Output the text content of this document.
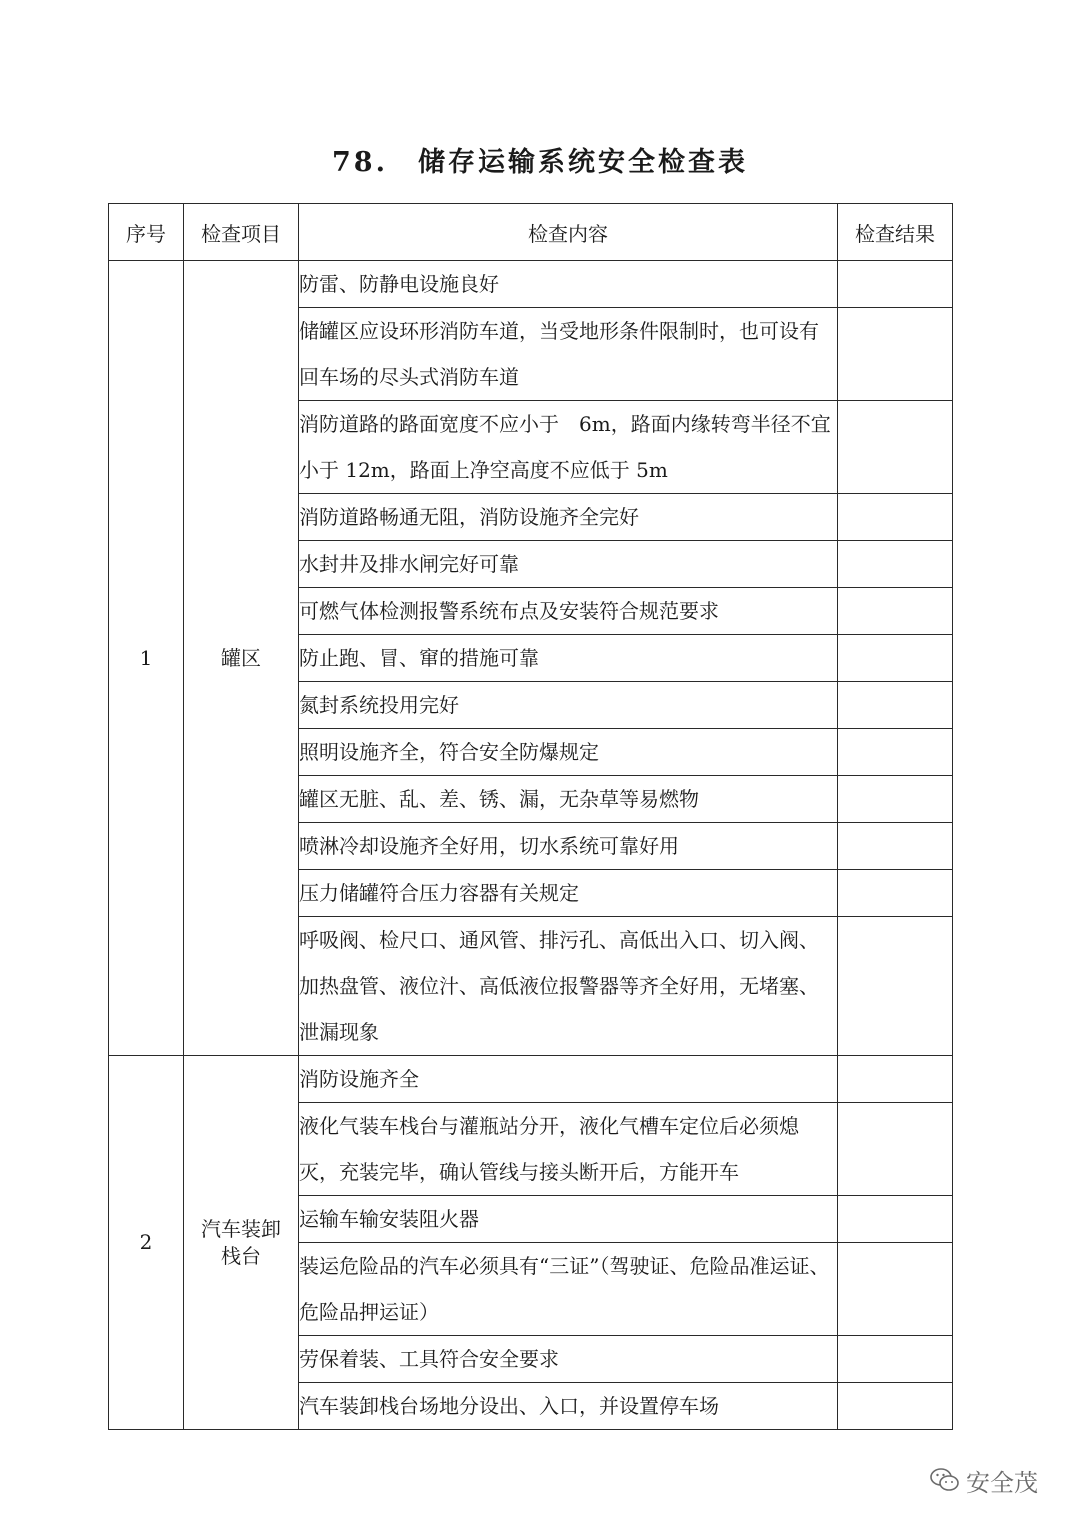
78. 储存运输系统安全检查表
序号	检查项目	检查内容	检查结果
1	罐区	防雷、防静电设施良好	
		储罐区应设环形消防车道，当受地形条件限制时，也可设有回车场的尽头式消防车道	
		消防道路的路面宽度不应小于　6m，路面内缘转弯半径不宜小于 12m，路面上净空高度不应低于 5m	
		消防道路畅通无阻，消防设施齐全完好	
		水封井及排水闸完好可靠	
		可燃气体检测报警系统布点及安装符合规范要求	
		防止跑、冒、窜的措施可靠	
		氮封系统投用完好	
		照明设施齐全，符合安全防爆规定	
		罐区无脏、乱、差、锈、漏，无杂草等易燃物	
		喷淋冷却设施齐全好用，切水系统可靠好用	
		压力储罐符合压力容器有关规定	
		呼吸阀、检尺口、通风管、排污孔、高低出入口、切入阀、加热盘管、液位汁、高低液位报警器等齐全好用，无堵塞、泄漏现象	
2	汽车装卸栈台	消防设施齐全	
		液化气装车栈台与灌瓶站分开，液化气槽车定位后必须熄灭，充装完毕，确认管线与接头断开后，方能开车	
		运输车输安装阻火器	
		装运危险品的汽车必须具有“三证”（驾驶证、危险品准运证、危险品押运证）	
		劳保着装、工具符合安全要求	
		汽车装卸栈台场地分设出、入口，并设置停车场	
安全茂
